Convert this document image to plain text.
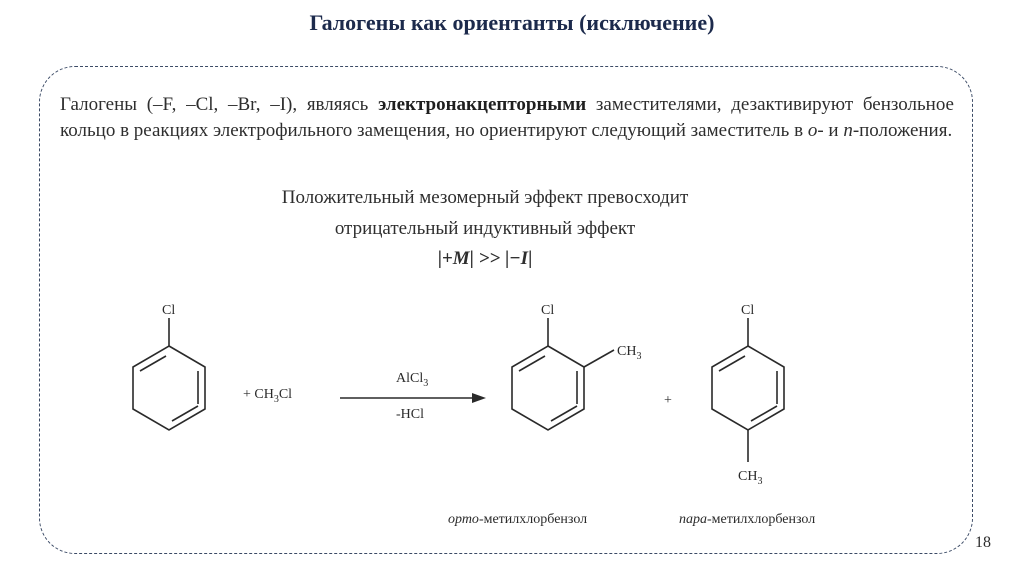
Галогены как ориентанты (исключение)
Галогены (–F, –Cl, –Br, –I), являясь электронакцепторными заместителями, дезактивируют бензольное кольцо в реакциях электрофильного замещения, но ориентируют следующий заместитель в о- и п-положения.
Положительный мезомерный эффект превосходит
отрицательный индуктивный эффект
|+M| >> |−I|
Cl
+ $CH_3Cl$
AlCl$_3$
-HCl
Cl
$CH_3$
+
Cl
$CH_3$
орто-метилхлорбензол	пара-метилхлорбензол
18
